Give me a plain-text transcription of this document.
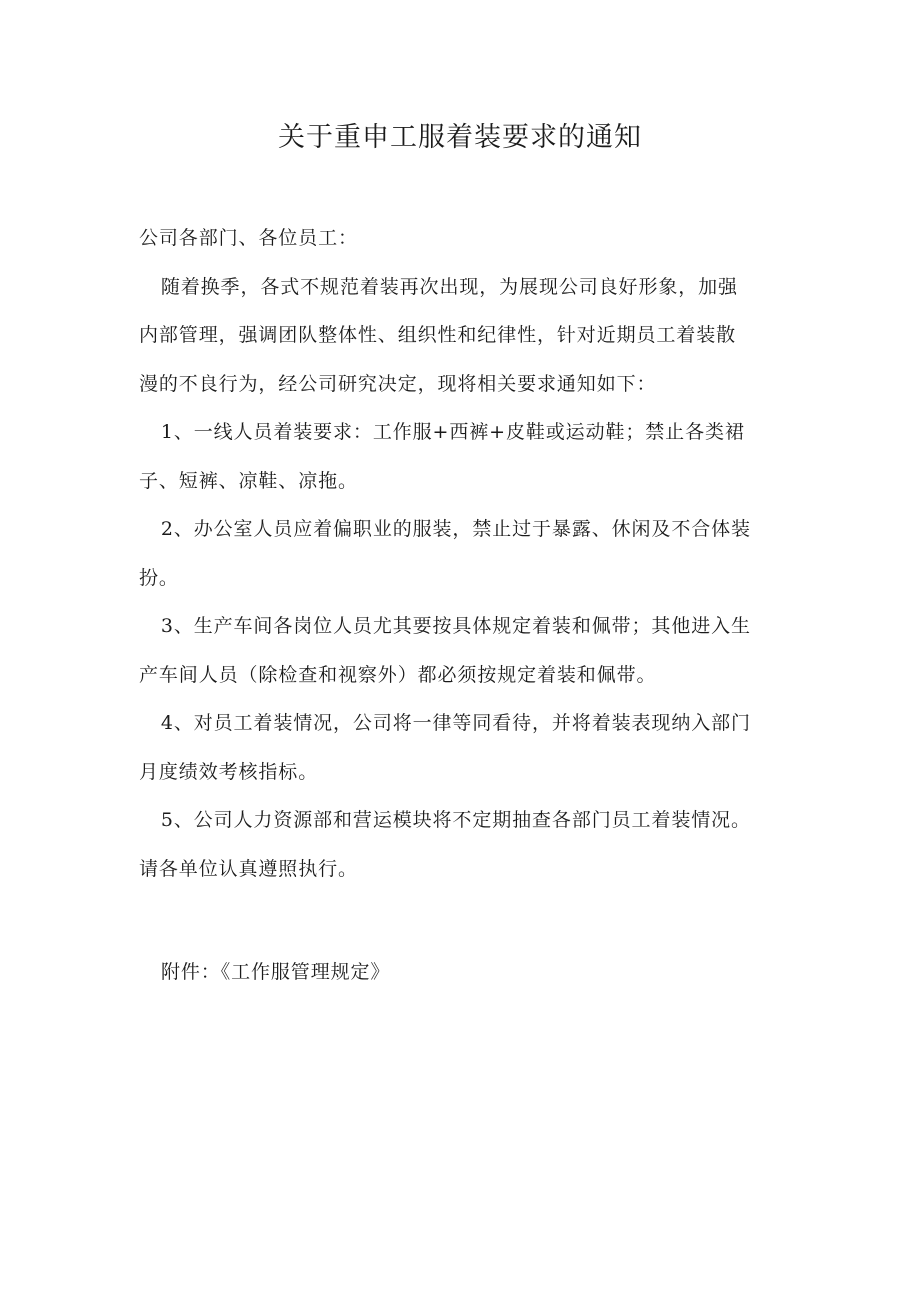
关于重申工服着装要求的通知

公司各部门、各位员工：

随着换季，各式不规范着装再次出现，为展现公司良好形象，加强内部管理，强调团队整体性、组织性和纪律性，针对近期员工着装散漫的不良行为，经公司研究决定，现将相关要求通知如下：

1、一线人员着装要求：工作服+西裤+皮鞋或运动鞋；禁止各类裙子、短裤、凉鞋、凉拖。

2、办公室人员应着偏职业的服装，禁止过于暴露、休闲及不合体装扮。

3、生产车间各岗位人员尤其要按具体规定着装和佩带；其他进入生产车间人员（除检查和视察外）都必须按规定着装和佩带。

4、对员工着装情况，公司将一律等同看待，并将着装表现纳入部门月度绩效考核指标。

5、公司人力资源部和营运模块将不定期抽查各部门员工着装情况。

请各单位认真遵照执行。

附件：《工作服管理规定》
